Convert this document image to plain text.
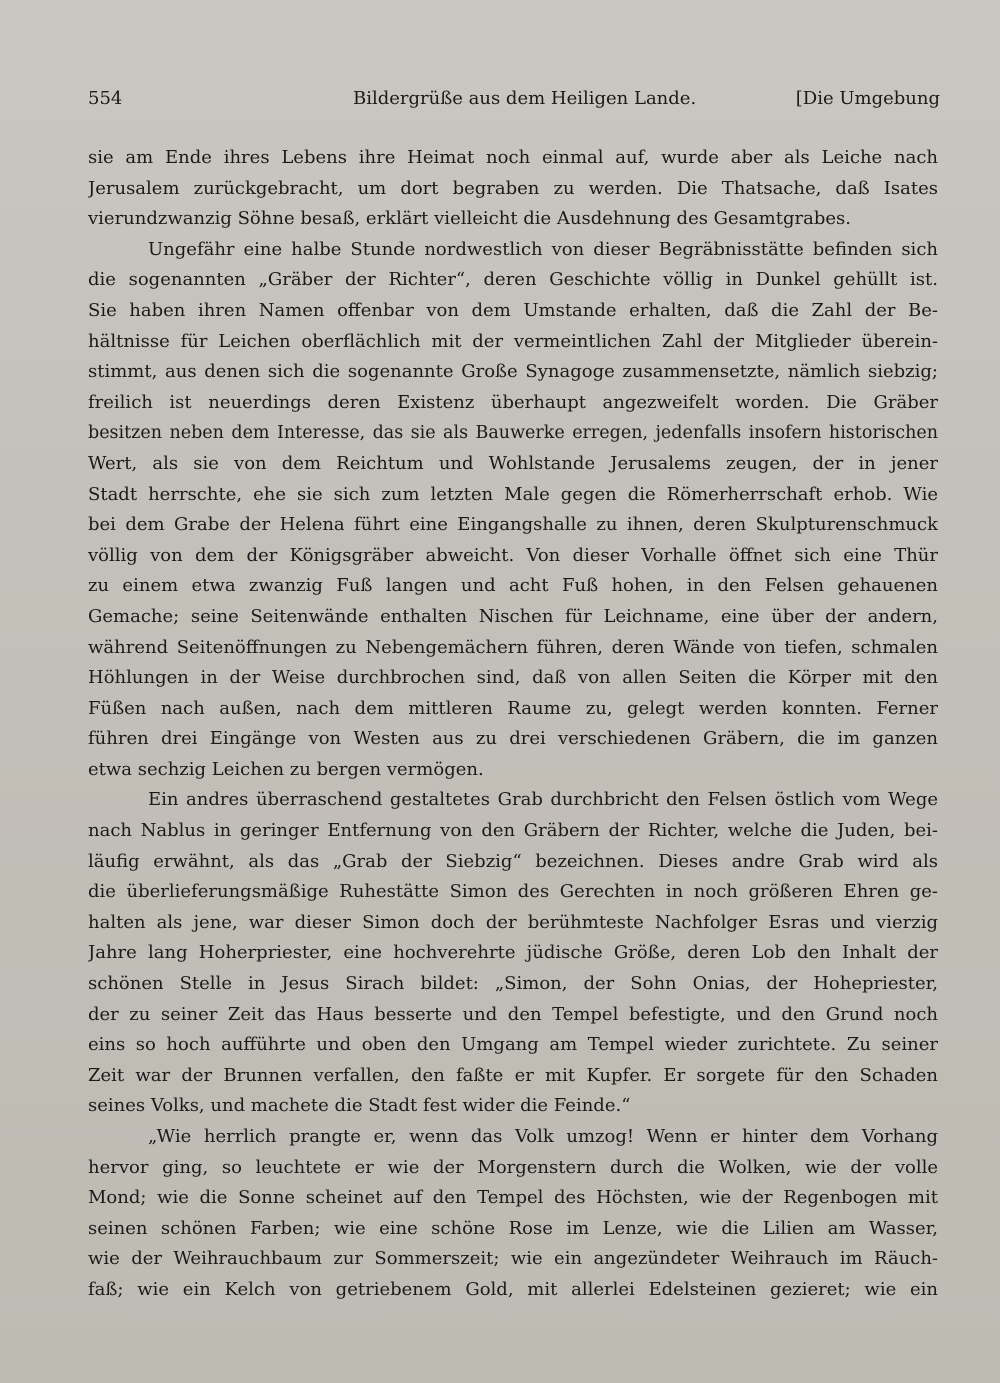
554	Bildergrüße aus dem Heiligen Lande.	[Die Umgebung
sie am Ende ihres Lebens ihre Heimat noch einmal auf, wurde aber als Leiche nach
Jerusalem zurückgebracht, um dort begraben zu werden. Die Thatsache, daß Isates
vierundzwanzig Söhne besaß, erklärt vielleicht die Ausdehnung des Gesamtgrabes.
Ungefähr eine halbe Stunde nordwestlich von dieser Begräbnisstätte befinden sich
die sogenannten „Gräber der Richter“, deren Geschichte völlig in Dunkel gehüllt ist.
Sie haben ihren Namen offenbar von dem Umstande erhalten, daß die Zahl der Be-
hältnisse für Leichen oberflächlich mit der vermeintlichen Zahl der Mitglieder überein-
stimmt, aus denen sich die sogenannte Große Synagoge zusammensetzte, nämlich siebzig;
freilich ist neuerdings deren Existenz überhaupt angezweifelt worden. Die Gräber
besitzen neben dem Interesse, das sie als Bauwerke erregen, jedenfalls insofern historischen
Wert, als sie von dem Reichtum und Wohlstande Jerusalems zeugen, der in jener
Stadt herrschte, ehe sie sich zum letzten Male gegen die Römerherrschaft erhob. Wie
bei dem Grabe der Helena führt eine Eingangshalle zu ihnen, deren Skulpturenschmuck
völlig von dem der Königsgräber abweicht. Von dieser Vorhalle öffnet sich eine Thür
zu einem etwa zwanzig Fuß langen und acht Fuß hohen, in den Felsen gehauenen
Gemache; seine Seitenwände enthalten Nischen für Leichname, eine über der andern,
während Seitenöffnungen zu Nebengemächern führen, deren Wände von tiefen, schmalen
Höhlungen in der Weise durchbrochen sind, daß von allen Seiten die Körper mit den
Füßen nach außen, nach dem mittleren Raume zu, gelegt werden konnten. Ferner
führen drei Eingänge von Westen aus zu drei verschiedenen Gräbern, die im ganzen
etwa sechzig Leichen zu bergen vermögen.
Ein andres überraschend gestaltetes Grab durchbricht den Felsen östlich vom Wege
nach Nablus in geringer Entfernung von den Gräbern der Richter, welche die Juden, bei-
läufig erwähnt, als das „Grab der Siebzig“ bezeichnen. Dieses andre Grab wird als
die überlieferungsmäßige Ruhestätte Simon des Gerechten in noch größeren Ehren ge-
halten als jene, war dieser Simon doch der berühmteste Nachfolger Esras und vierzig
Jahre lang Hoherpriester, eine hochverehrte jüdische Größe, deren Lob den Inhalt der
schönen Stelle in Jesus Sirach bildet: „Simon, der Sohn Onias, der Hohepriester,
der zu seiner Zeit das Haus besserte und den Tempel befestigte, und den Grund noch
eins so hoch aufführte und oben den Umgang am Tempel wieder zurichtete. Zu seiner
Zeit war der Brunnen verfallen, den faßte er mit Kupfer. Er sorgete für den Schaden
seines Volks, und machete die Stadt fest wider die Feinde.“
„Wie herrlich prangte er, wenn das Volk umzog! Wenn er hinter dem Vorhang
hervor ging, so leuchtete er wie der Morgenstern durch die Wolken, wie der volle
Mond; wie die Sonne scheinet auf den Tempel des Höchsten, wie der Regenbogen mit
seinen schönen Farben; wie eine schöne Rose im Lenze, wie die Lilien am Wasser,
wie der Weihrauchbaum zur Sommerszeit; wie ein angezündeter Weihrauch im Räuch-
faß; wie ein Kelch von getriebenem Gold, mit allerlei Edelsteinen gezieret; wie ein
